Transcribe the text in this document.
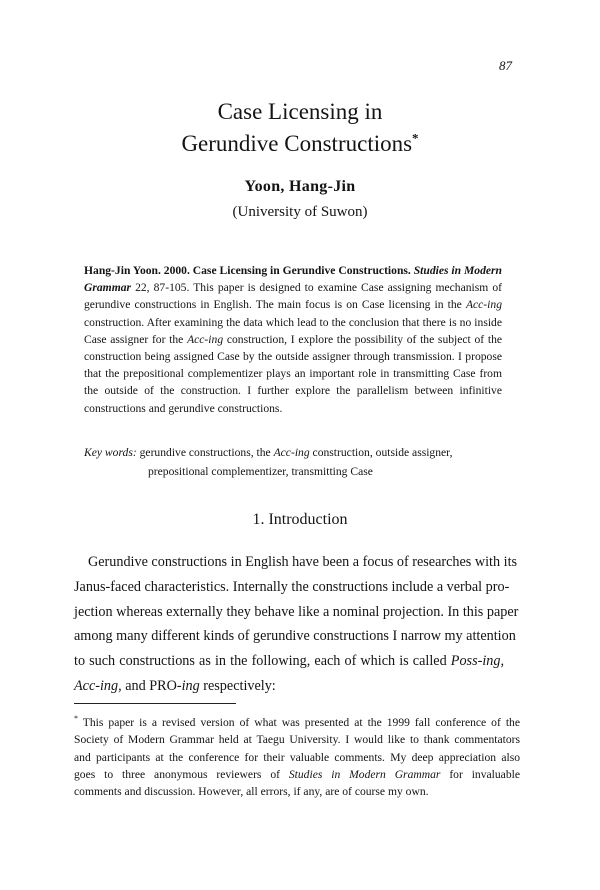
87
Case Licensing in
Gerundive Constructions*
Yoon, Hang-Jin
(University of Suwon)

Hang-Jin Yoon. 2000. Case Licensing in Gerundive Constructions. Studies in Modern Grammar 22, 87-105. This paper is designed to examine Case assigning mechanism of gerundive constructions in English. The main focus is on Case licensing in the Acc-ing construction. After examining the data which lead to the conclusion that there is no inside Case assigner for the Acc-ing construction, I explore the possibility of the subject of the construction being assigned Case by the outside assigner through transmission. I propose that the prepositional complementizer plays an important role in transmitting Case from the outside of the construction. I further explore the parallelism between infinitive constructions and gerundive constructions.

Key words: gerundive constructions, the Acc-ing construction, outside assigner,
prepositional complementizer, transmitting Case
1. Introduction
Gerundive constructions in English have been a focus of researches with its
Janus-faced characteristics. Internally the constructions include a verbal pro-
jection whereas externally they behave like a nominal projection. In this paper
among many different kinds of gerundive constructions I narrow my attention
to such constructions as in the following, each of which is called Poss-ing,
Acc-ing, and PRO-ing respectively:
* This paper is a revised version of what was presented at the 1999 fall conference of the
Society of Modern Grammar held at Taegu University. I would like to thank commentators
and participants at the conference for their valuable comments. My deep appreciation also
goes to three anonymous reviewers of Studies in Modern Grammar for invaluable
comments and discussion. However, all errors, if any, are of course my own.
